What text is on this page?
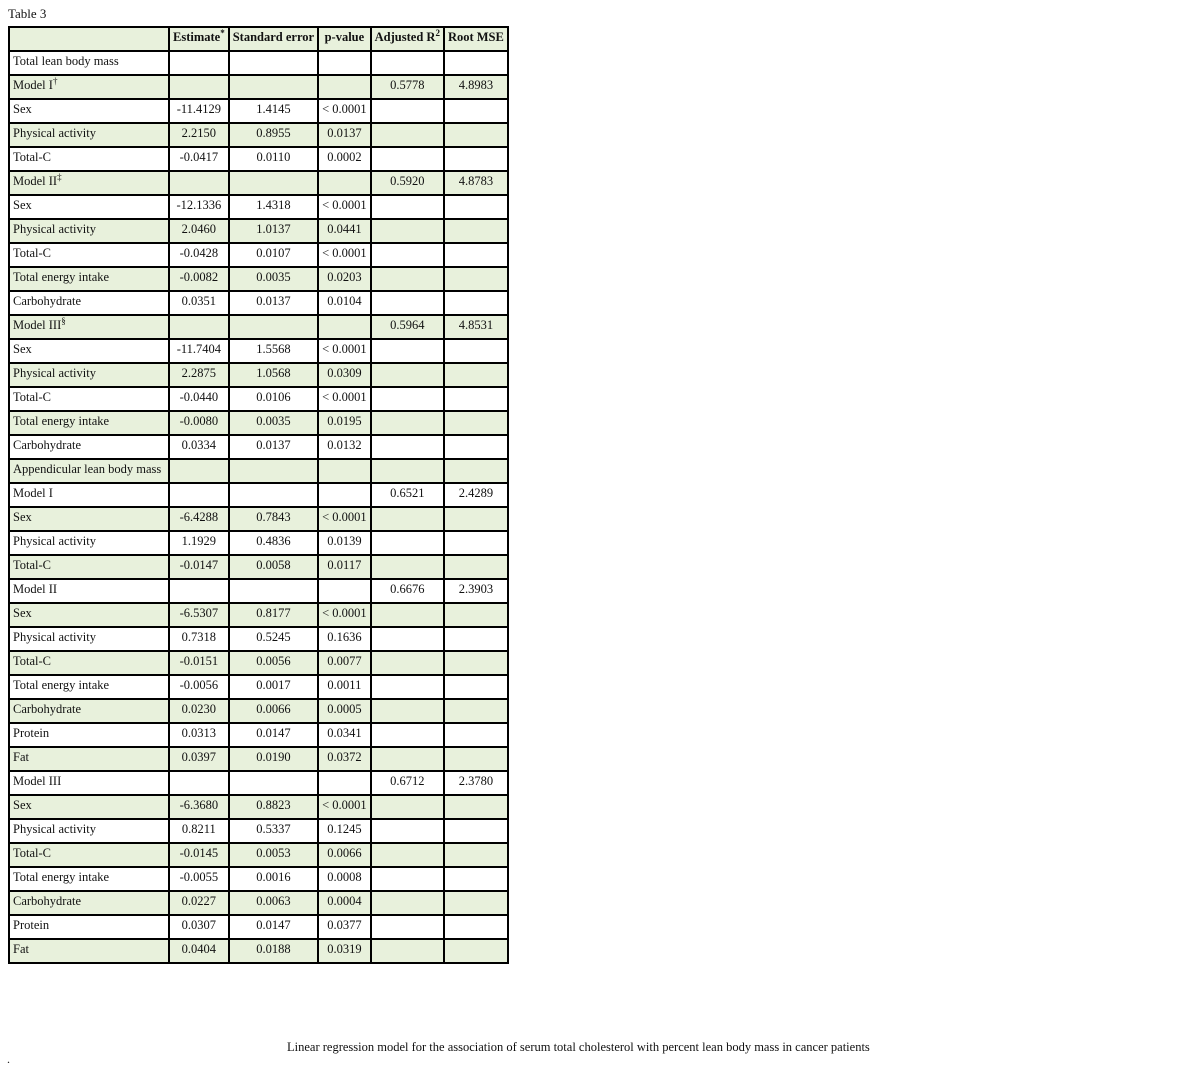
Table 3
	Estimate*	Standard error	p-value	Adjusted $R^2$	Root MSE
Total lean body mass					
Model I†				0.5778	4.8983
Sex	-11.4129	1.4145	< 0.0001		
Physical activity	2.2150	0.8955	0.0137		
Total-C	-0.0417	0.0110	0.0002		
Model II‡				0.5920	4.8783
Sex	-12.1336	1.4318	< 0.0001		
Physical activity	2.0460	1.0137	0.0441		
Total-C	-0.0428	0.0107	< 0.0001		
Total energy intake	-0.0082	0.0035	0.0203		
Carbohydrate	0.0351	0.0137	0.0104		
Model III§				0.5964	4.8531
Sex	-11.7404	1.5568	< 0.0001		
Physical activity	2.2875	1.0568	0.0309		
Total-C	-0.0440	0.0106	< 0.0001		
Total energy intake	-0.0080	0.0035	0.0195		
Carbohydrate	0.0334	0.0137	0.0132		
Appendicular lean body mass					
Model I				0.6521	2.4289
Sex	-6.4288	0.7843	< 0.0001		
Physical activity	1.1929	0.4836	0.0139		
Total-C	-0.0147	0.0058	0.0117		
Model II				0.6676	2.3903
Sex	-6.5307	0.8177	< 0.0001		
Physical activity	0.7318	0.5245	0.1636		
Total-C	-0.0151	0.0056	0.0077		
Total energy intake	-0.0056	0.0017	0.0011		
Carbohydrate	0.0230	0.0066	0.0005		
Protein	0.0313	0.0147	0.0341		
Fat	0.0397	0.0190	0.0372		
Model III				0.6712	2.3780
Sex	-6.3680	0.8823	< 0.0001		
Physical activity	0.8211	0.5337	0.1245		
Total-C	-0.0145	0.0053	0.0066		
Total energy intake	-0.0055	0.0016	0.0008		
Carbohydrate	0.0227	0.0063	0.0004		
Protein	0.0307	0.0147	0.0377		
Fat	0.0404	0.0188	0.0319		
Linear regression model for the association of serum total cholesterol with percent lean body mass in cancer patients
.
